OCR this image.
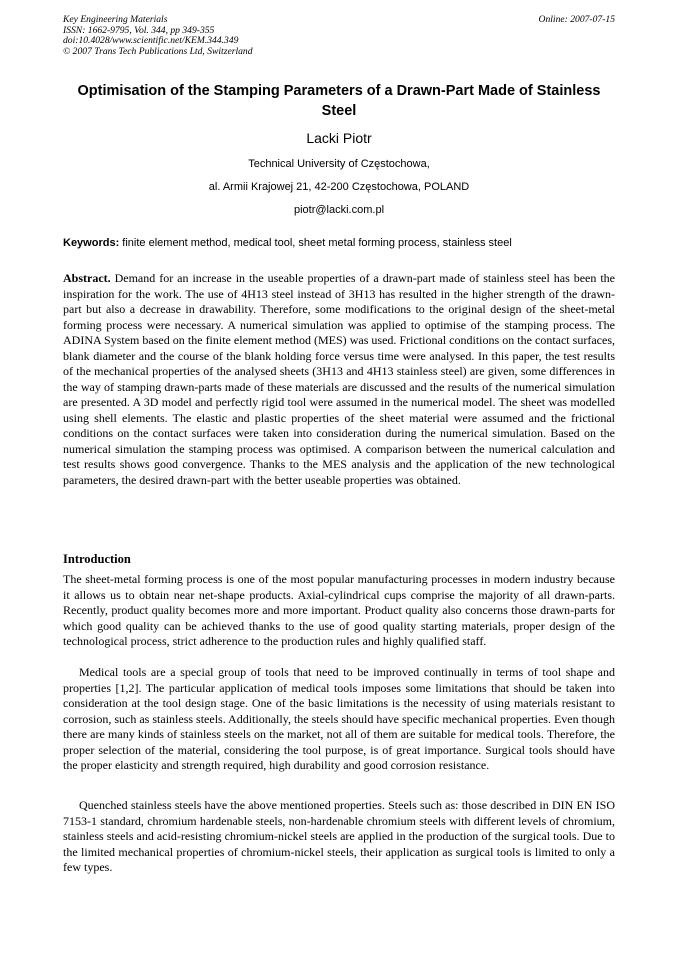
Key Engineering Materials
ISSN: 1662-9795, Vol. 344, pp 349-355
doi:10.4028/www.scientific.net/KEM.344.349
© 2007 Trans Tech Publications Ltd, Switzerland
Online: 2007-07-15
Optimisation of the Stamping Parameters of a Drawn-Part Made of Stainless Steel
Lacki Piotr
Technical University of Częstochowa,
al. Armii Krajowej 21, 42-200 Częstochowa, POLAND
piotr@lacki.com.pl
Keywords: finite element method, medical tool, sheet metal forming process, stainless steel
Abstract. Demand for an increase in the useable properties of a drawn-part made of stainless steel has been the inspiration for the work. The use of 4H13 steel instead of 3H13 has resulted in the higher strength of the drawn-part but also a decrease in drawability. Therefore, some modifications to the original design of the sheet-metal forming process were necessary. A numerical simulation was applied to optimise of the stamping process. The ADINA System based on the finite element method (MES) was used. Frictional conditions on the contact surfaces, blank diameter and the course of the blank holding force versus time were analysed. In this paper, the test results of the mechanical properties of the analysed sheets (3H13 and 4H13 stainless steel) are given, some differences in the way of stamping drawn-parts made of these materials are discussed and the results of the numerical simulation are presented. A 3D model and perfectly rigid tool were assumed in the numerical model. The sheet was modelled using shell elements. The elastic and plastic properties of the sheet material were assumed and the frictional conditions on the contact surfaces were taken into consideration during the numerical simulation. Based on the numerical simulation the stamping process was optimised. A comparison between the numerical calculation and test results shows good convergence. Thanks to the MES analysis and the application of the new technological parameters, the desired drawn-part with the better useable properties was obtained.
Introduction
The sheet-metal forming process is one of the most popular manufacturing processes in modern industry because it allows us to obtain near net-shape products. Axial-cylindrical cups comprise the majority of all drawn-parts. Recently, product quality becomes more and more important. Product quality also concerns those drawn-parts for which good quality can be achieved thanks to the use of good quality starting materials, proper design of the technological process, strict adherence to the production rules and highly qualified staff.
Medical tools are a special group of tools that need to be improved continually in terms of tool shape and properties [1,2]. The particular application of medical tools imposes some limitations that should be taken into consideration at the tool design stage. One of the basic limitations is the necessity of using materials resistant to corrosion, such as stainless steels. Additionally, the steels should have specific mechanical properties. Even though there are many kinds of stainless steels on the market, not all of them are suitable for medical tools. Therefore, the proper selection of the material, considering the tool purpose, is of great importance. Surgical tools should have the proper elasticity and strength required, high durability and good corrosion resistance.
Quenched stainless steels have the above mentioned properties. Steels such as: those described in DIN EN ISO 7153-1 standard, chromium hardenable steels, non-hardenable chromium steels with different levels of chromium, stainless steels and acid-resisting chromium-nickel steels are applied in the production of the surgical tools. Due to the limited mechanical properties of chromium-nickel steels, their application as surgical tools is limited to only a few types.
